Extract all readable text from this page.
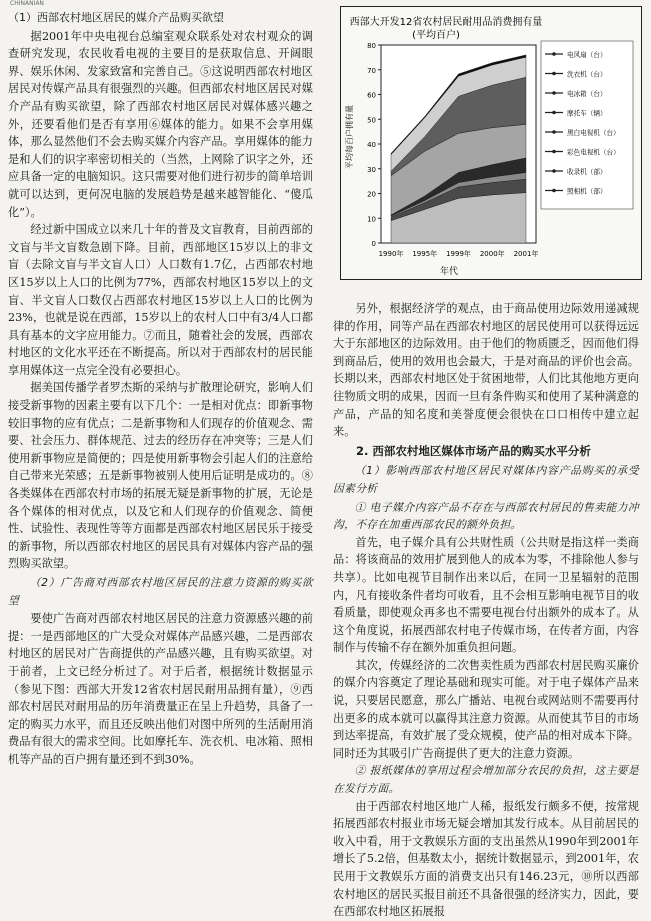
CHINANIAN

（1）西部农村地区居民的媒介产品购买欲望

据2001年中央电视台总编室观众联系处对农村观众的调查研究发现，农民收看电视的主要目的是获取信息、开阔眼界、娱乐休闲、发家致富和完善自己。⑤这说明西部农村地区居民对传媒产品具有很强烈的兴趣。但西部农村地区居民对媒介产品有购买欲望，除了西部农村地区居民对媒体感兴趣之外，还要看他们是否有享用⑥媒体的能力。如果不会享用媒体，那么显然他们不会去购买媒介内容产品。享用媒体的能力是和人们的识字率密切相关的（当然，上网除了识字之外，还应具备一定的电脑知识。这只需要对他们进行初步的简单培训就可以达到，更何况电脑的发展趋势是越来越智能化、“傻瓜化”）。

经过新中国成立以来几十年的普及文盲教育，目前西部的文盲与半文盲数急剧下降。目前，西部地区15岁以上的非文盲（去除文盲与半文盲人口）人口数有1.7亿，占西部农村地区15岁以上人口的比例为77%，西部农村地区15岁以上的文盲、半文盲人口数仅占西部农村地区15岁以上人口的比例为23%，也就是说在西部，15岁以上的农村人口中有3/4人口都具有基本的文字应用能力。⑦而且，随着社会的发展，西部农村地区的文化水平还在不断提高。所以对于西部农村的居民能享用媒体这一点完全没有必要担心。

据美国传播学者罗杰斯的采纳与扩散理论研究，影响人们接受新事物的因素主要有以下几个：一是相对优点：即新事物较旧事物的应有优点；二是新事物和人们现存的价值观念、需要、社会压力、群体规范、过去的经历存在冲突等；三是人们使用新事物应是简便的；四是使用新事物会引起人们的注意给自己带来光荣感；五是新事物被别人使用后证明是成功的。⑧各类媒体在西部农村市场的拓展无疑是新事物的扩展，无论是各个媒体的相对优点，以及它和人们现存的价值观念、简便性、试验性、表现性等等方面都是西部农村地区居民乐于接受的新事物，所以西部农村地区的居民具有对媒体内容产品的强烈购买欲望。

（2）广告商对西部农村地区居民的注意力资源的购买欲望

要使广告商对西部农村地区居民的注意力资源感兴趣的前提：一是西部地区的广大受众对媒体产品感兴趣，二是西部农村地区的居民对广告商提供的产品感兴趣，且有购买欲望。对于前者，上文已经分析过了。对于后者，根据统计数据显示（参见下图：西部大开发12省农村居民耐用品拥有量），⑨西部农村居民对耐用品的历年消费量正在呈上升趋势，具备了一定的购买力水平，而且还反映出他们对图中所列的生活耐用消费品有很大的需求空间。比如摩托车、洗衣机、电冰箱、照相机等产品的百户拥有量还到不到30%。

西部大开发12省农村居民耐用品消费拥有量
(平均百户)
平均每百户拥有量
年代
0
10
20
30
40
50
60
70
80
1990年 1995年 1999年 2000年 2001年
电风扇（台）
洗衣机（台）
电冰箱（台）
摩托车（辆）
黑白电视机（台）
彩色电视机（台）
收录机（部）
照相机（部）

另外，根据经济学的观点，由于商品使用边际效用递减规律的作用，同等产品在西部农村地区的居民使用可以获得远远大于东部地区的边际效用。由于他们的物质匮乏，因而他们得到商品后，使用的效用也会最大，于是对商品的评价也会高。长期以来，西部农村地区处于贫困地带，人们比其他地方更向往物质文明的成果，因而一旦有条件购买和使用了某种满意的产品，产品的知名度和美誉度便会很快在口口相传中建立起来。

2. 西部农村地区媒体市场产品的购买水平分析

（1）影响西部农村地区居民对媒体内容产品购买的承受因素分析

① 电子媒介内容产品不存在与西部农村居民的售卖能力冲沟，不存在加重西部农民的额外负担。

首先，电子媒介具有公共财性质（公共财是指这样一类商品：将该商品的效用扩展到他人的成本为零，不排除他人参与共享）。比如电视节目制作出来以后，在同一卫星辐射的范围内，凡有接收条件者均可收看，且不会相互影响电视节目的收看质量，即使观众再多也不需要电视台付出额外的成本了。从这个角度说，拓展西部农村电子传媒市场，在传者方面，内容制作与传输不存在额外加重负担问题。

其次，传媒经济的二次售卖性质为西部农村居民购买廉价的媒介内容奠定了理论基础和现实可能。对于电子媒体产品来说，只要居民愿意，那么广播站、电视台或网站则不需要再付出更多的成本就可以赢得其注意力资源。从而使其节目的市场到达率提高，有效扩展了受众规模，使产品的相对成本下降。同时还为其吸引广告商提供了更大的注意力资源。

② 报纸媒体的享用过程会增加部分农民的负担，这主要是在发行方面。

由于西部农村地区地广人稀，报纸发行颇多不便，按常规拓展西部农村报业市场无疑会增加其发行成本。从目前居民的收入中看，用于文教娱乐方面的支出虽然从1990年到2001年增长了5.2倍，但基数太小，据统计数据显示，到2001年，农民用于文教娱乐方面的消费支出只有146.23元，⑩所以西部农村地区的居民买报目前还不具备很强的经济实力，因此，要在西部农村地区拓展报
